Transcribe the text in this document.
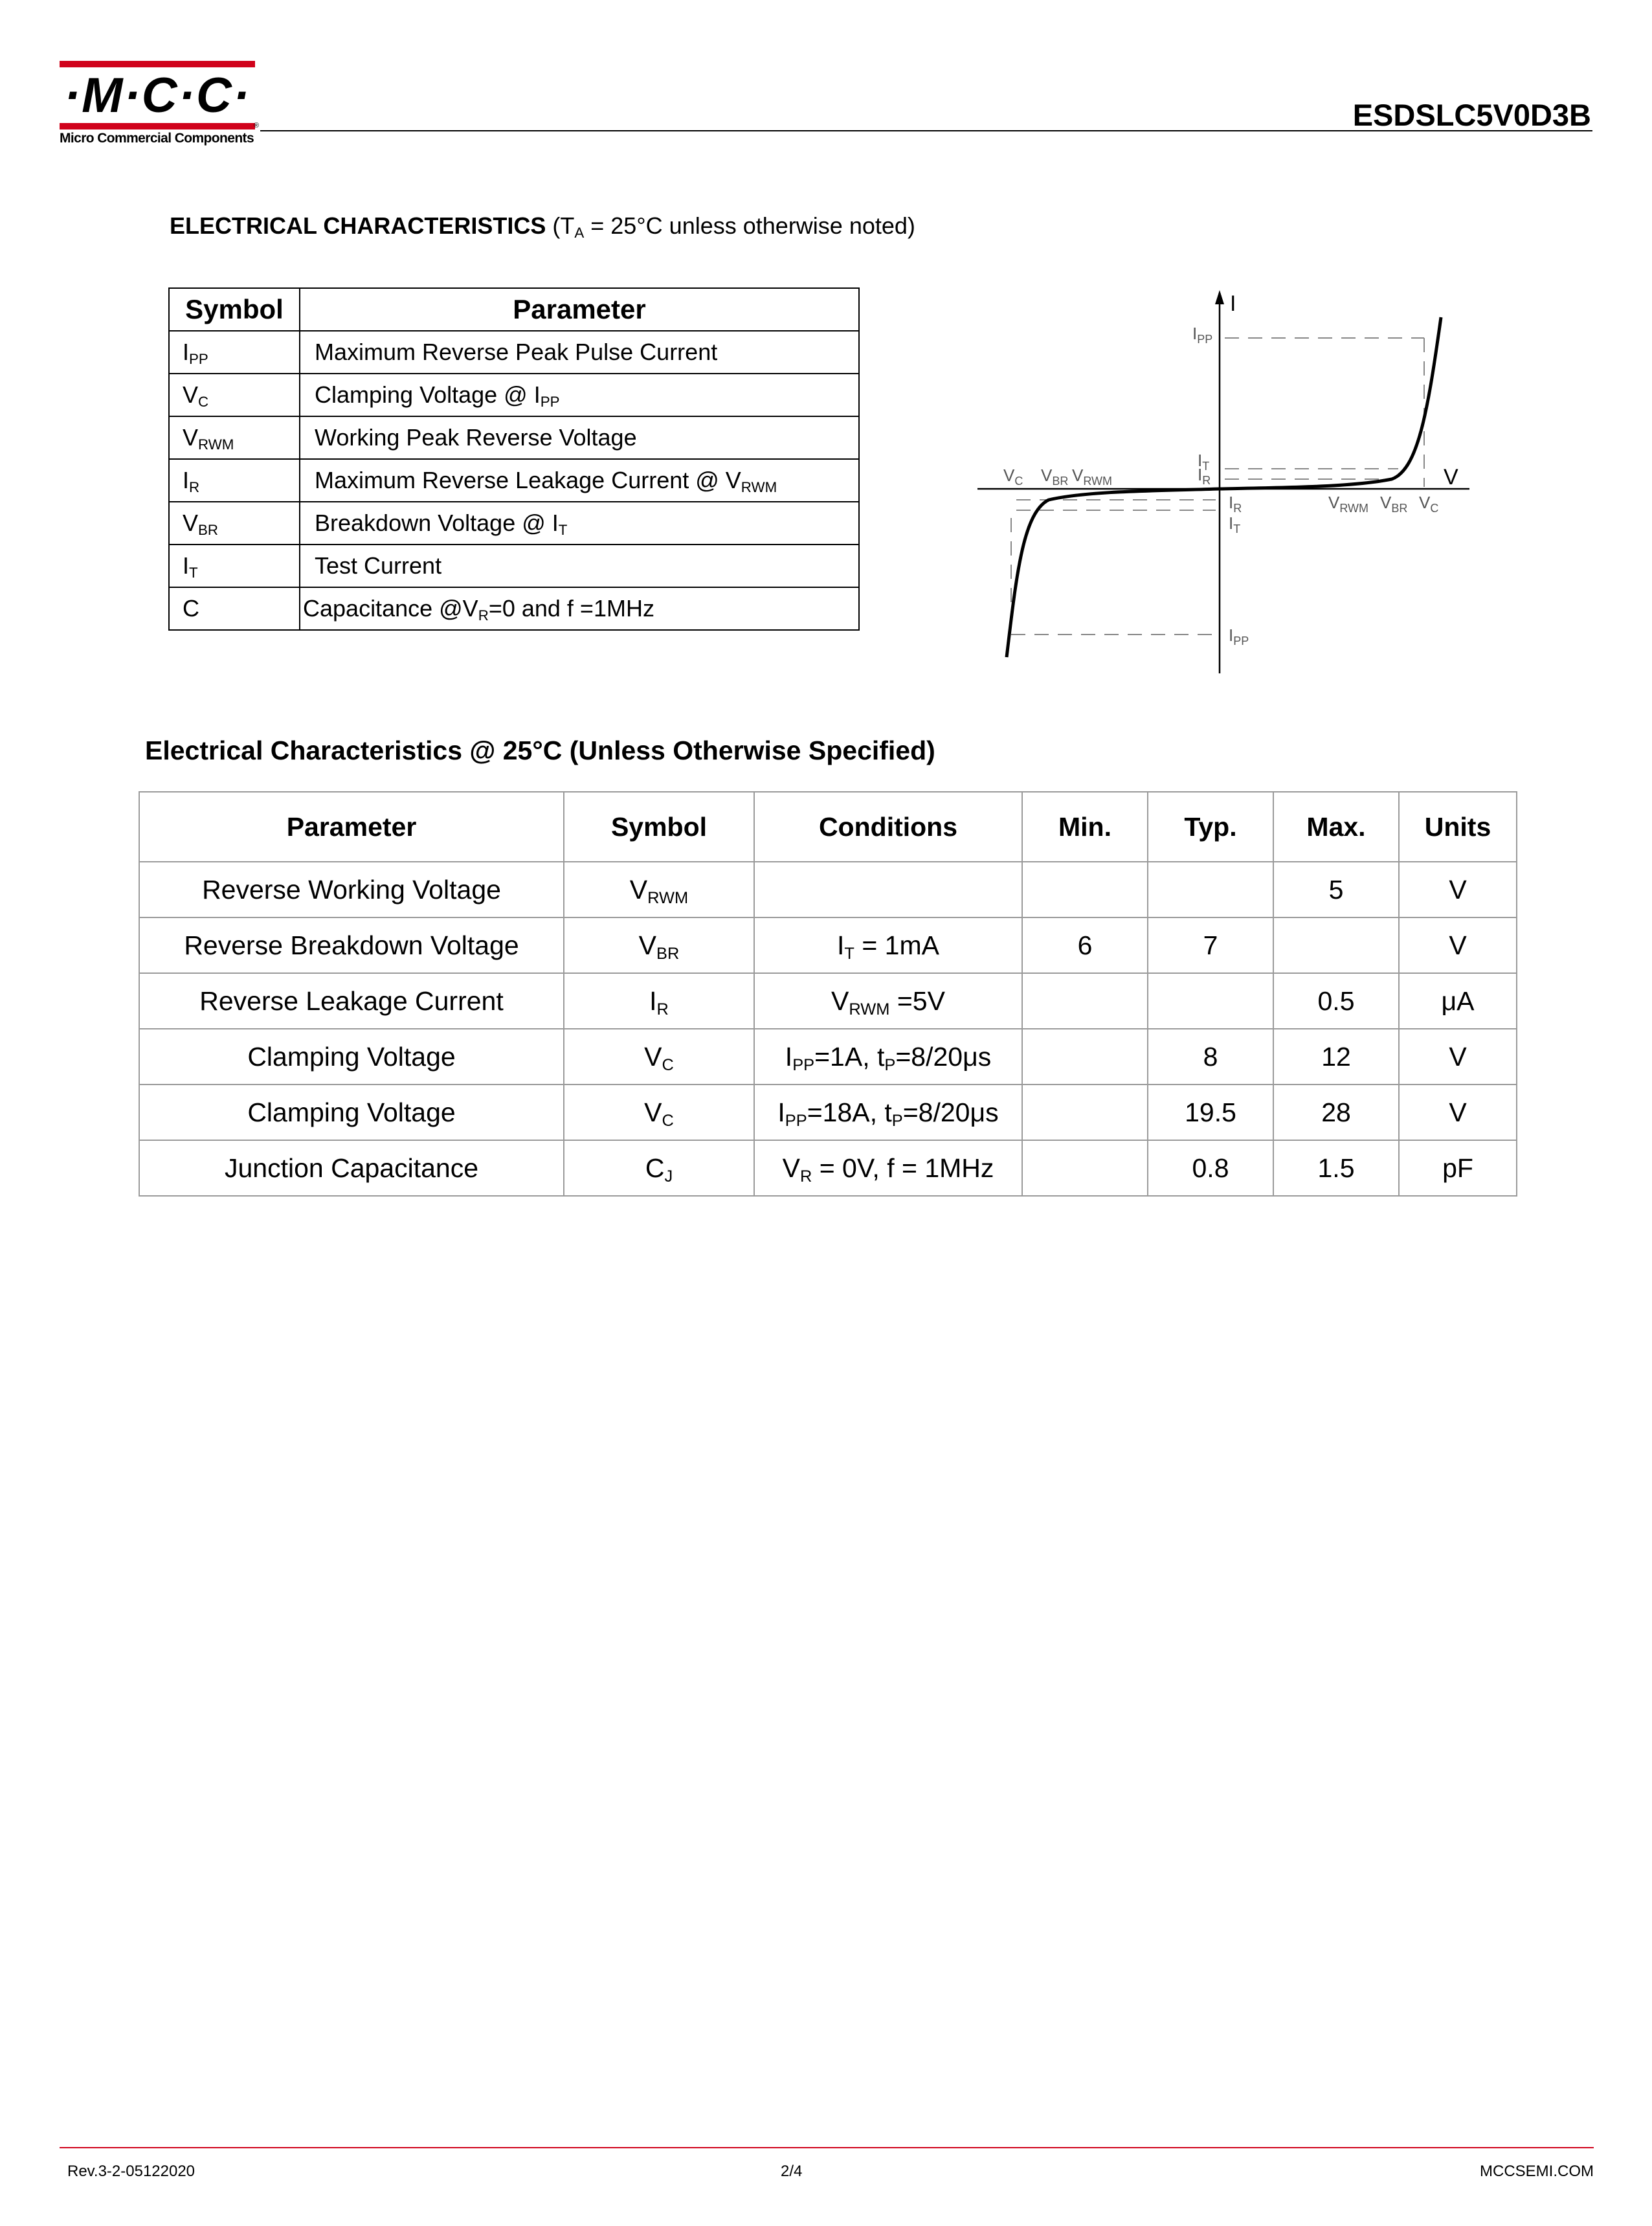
·M·C·C·
®
Micro Commercial Components
ESDSLC5V0D3B
ELECTRICAL CHARACTERISTICS ($T_A = 25^\circ C$ unless otherwise noted)
Symbol	Parameter
$I_{PP}$	Maximum Reverse Peak Pulse Current
$V_C$	Clamping Voltage @ $I_{PP}$
$V_{RWM}$	Working Peak Reverse Voltage
$I_R$	Maximum Reverse Leakage Current @ $V_{RWM}$
$V_{BR}$	Breakdown Voltage @ $I_T$
$I_T$	Test Current
C	Capacitance $@V_R=0$ and f =1MHz
I
V
$I_{PP}$
$I_T$
$I_R$
$I_R$
$I_T$
$I_{PP}$
$V_C$ $V_{BR}$ $V_{RWM}$
$V_{RWM}$ $V_{BR}$ $V_C$
Electrical Characteristics @ 25°C (Unless Otherwise Specified)
Parameter	Symbol	Conditions	Min.	Typ.	Max.	Units
Reverse Working Voltage	$V_{RWM}$				5	V
Reverse Breakdown Voltage	$V_{BR}$	$I_T = 1mA$	6	7		V
Reverse Leakage Current	$I_R$	$V_{RWM} =5V$			0.5	μA
Clamping Voltage	$V_C$	$I_{PP}=1A$, $t_P=8/20\mu s$		8	12	V
Clamping Voltage	$V_C$	$I_{PP}=18A$, $t_P=8/20\mu s$		19.5	28	V
Junction Capacitance	$C_J$	$V_R = 0V$, f = 1MHz		0.8	1.5	pF
Rev.3-2-05122020	2/4	MCCSEMI.COM
